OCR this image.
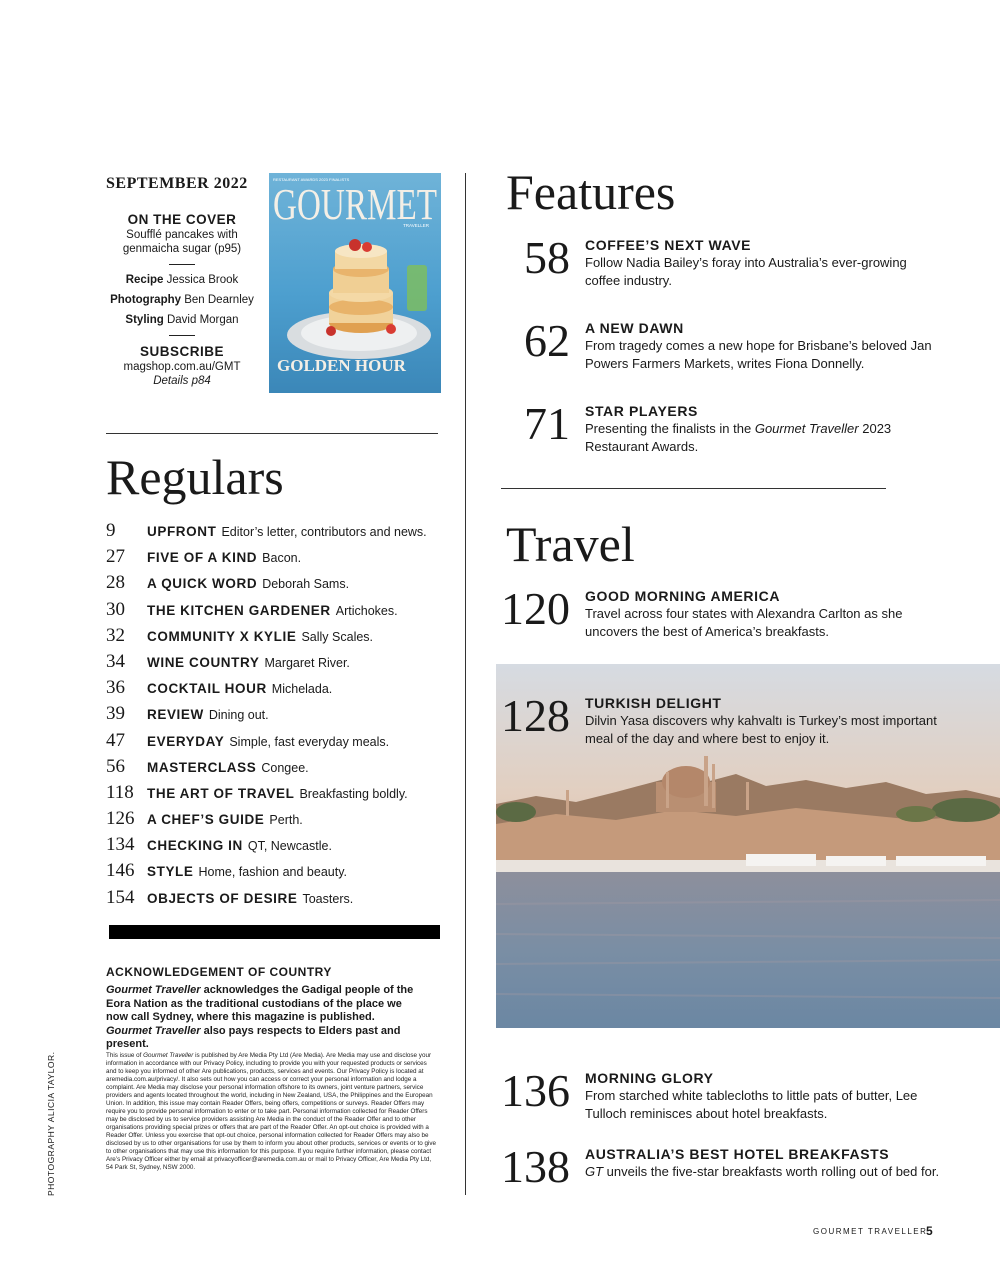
SEPTEMBER 2022
ON THE COVER
Soufflé pancakes with genmaicha sugar (p95)
Recipe Jessica Brook
Photography Ben Dearnley
Styling David Morgan
SUBSCRIBE
magshop.com.au/GMT
Details p84
RESTAURANT AWARDS 2023 FINALISTS
GOURMET
TRAVELLER
GOLDEN HOUR
Regulars
9	UPFRONT Editor’s letter, contributors and news.
27	FIVE OF A KIND Bacon.
28	A QUICK WORD Deborah Sams.
30	THE KITCHEN GARDENER Artichokes.
32	COMMUNITY X KYLIE Sally Scales.
34	WINE COUNTRY Margaret River.
36	COCKTAIL HOUR Michelada.
39	REVIEW Dining out.
47	EVERYDAY Simple, fast everyday meals.
56	MASTERCLASS Congee.
118 THE ART OF TRAVEL Breakfasting boldly.
126 A CHEF’S GUIDE Perth.
134 CHECKING IN QT, Newcastle.
146 STYLE Home, fashion and beauty.
154 OBJECTS OF DESIRE Toasters.
ACKNOWLEDGEMENT OF COUNTRY
Gourmet Traveller acknowledges the Gadigal people of the Eora Nation as the traditional custodians of the place we now call Sydney, where this magazine is published. Gourmet Traveller also pays respects to Elders past and present.
This issue of Gourmet Traveller is published by Are Media Pty Ltd (Are Media). Are Media may use and disclose your information in accordance with our Privacy Policy, including to provide you with your requested products or services and to keep you informed of other Are publications, products, services and events. Our Privacy Policy is located at aremedia.com.au/privacy/. It also sets out how you can access or correct your personal information and lodge a complaint. Are Media may disclose your personal information offshore to its owners, joint venture partners, service providers and agents located throughout the world, including in New Zealand, USA, the Philippines and the European Union. In addition, this issue may contain Reader Offers, being offers, competitions or surveys. Reader Offers may require you to provide personal information to enter or to take part. Personal information collected for Reader Offers may be disclosed by us to service providers assisting Are Media in the conduct of the Reader Offer and to other organisations providing special prizes or offers that are part of the Reader Offer. An opt-out choice is provided with a Reader Offer. Unless you exercise that opt-out choice, personal information collected for Reader Offers may also be disclosed by us to other organisations for use by them to inform you about other products, services or events or to give to other organisations that may use this information for this purpose. If you require further information, please contact Are’s Privacy Officer either by email at privacyofficer@aremedia.com.au or mail to Privacy Officer, Are Media Pty Ltd, 54 Park St, Sydney, NSW 2000.
PHOTOGRAPHY ALICIA TAYLOR.
Features
58 COFFEE’S NEXT WAVE
Follow Nadia Bailey’s foray into Australia’s ever-growing coffee industry.
62 A NEW DAWN
From tragedy comes a new hope for Brisbane’s beloved Jan Powers Farmers Markets, writes Fiona Donnelly.
71 STAR PLAYERS
Presenting the finalists in the Gourmet Traveller 2023 Restaurant Awards.
Travel
120 GOOD MORNING AMERICA
Travel across four states with Alexandra Carlton as she uncovers the best of America’s breakfasts.
128 TURKISH DELIGHT
Dilvin Yasa discovers why kahvaltı is Turkey’s most important meal of the day and where best to enjoy it.
136 MORNING GLORY
From starched white tablecloths to little pats of butter, Lee Tulloch reminisces about hotel breakfasts.
138 AUSTRALIA’S BEST HOTEL BREAKFASTS
GT unveils the five-star breakfasts worth rolling out of bed for.
GOURMET TRAVELLER
5
